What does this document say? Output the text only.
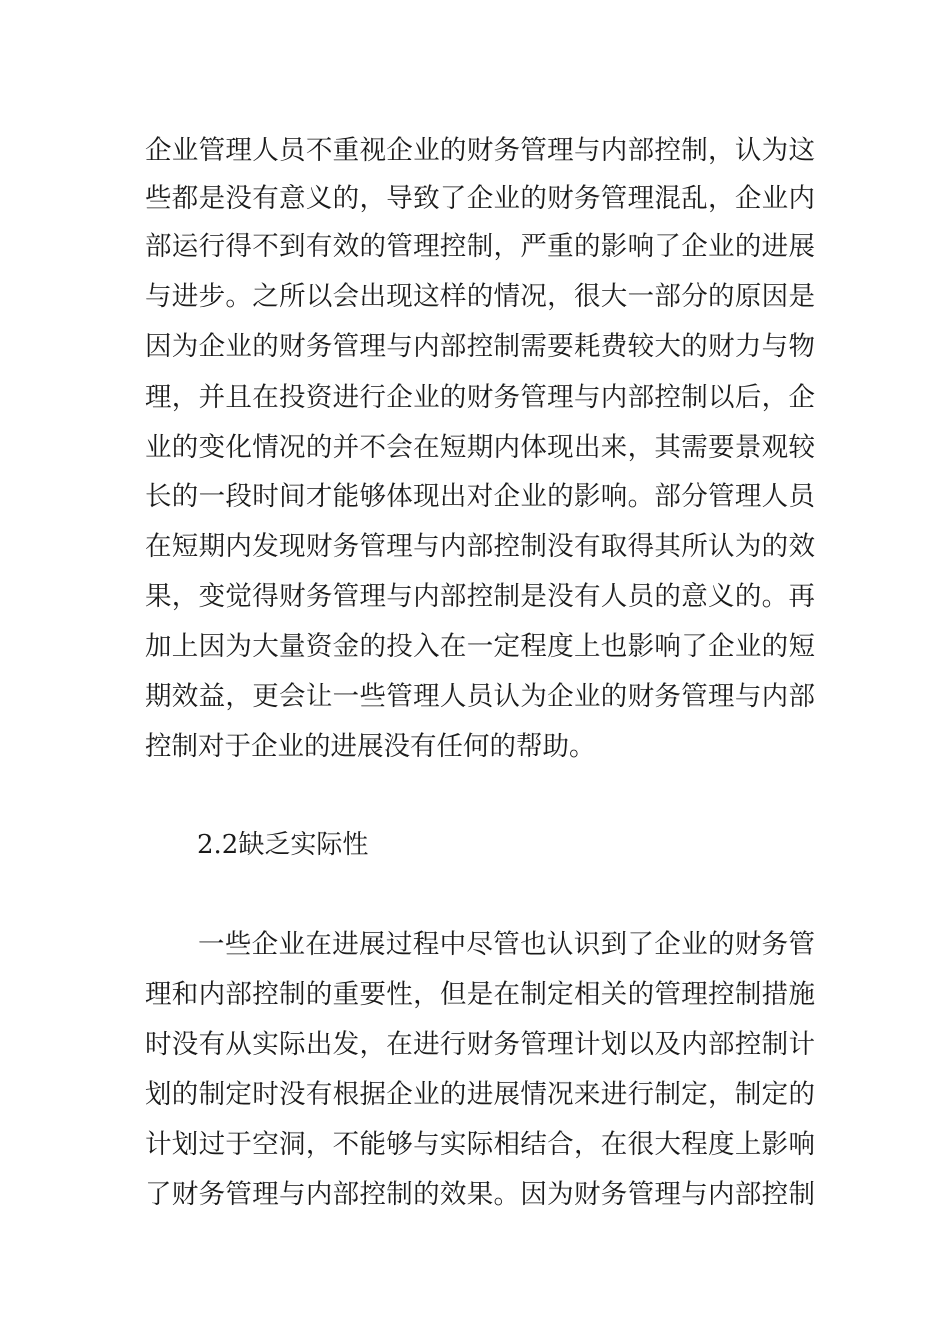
企业管理人员不重视企业的财务管理与内部控制，认为这
些都是没有意义的，导致了企业的财务管理混乱，企业内
部运行得不到有效的管理控制，严重的影响了企业的进展
与进步。之所以会出现这样的情况，很大一部分的原因是
因为企业的财务管理与内部控制需要耗费较大的财力与物
理，并且在投资进行企业的财务管理与内部控制以后，企
业的变化情况的并不会在短期内体现出来，其需要景观较
长的一段时间才能够体现出对企业的影响。部分管理人员
在短期内发现财务管理与内部控制没有取得其所认为的效
果，变觉得财务管理与内部控制是没有人员的意义的。再
加上因为大量资金的投入在一定程度上也影响了企业的短
期效益，更会让一些管理人员认为企业的财务管理与内部
控制对于企业的进展没有任何的帮助。
2.2缺乏实际性
一些企业在进展过程中尽管也认识到了企业的财务管
理和内部控制的重要性，但是在制定相关的管理控制措施
时没有从实际出发，在进行财务管理计划以及内部控制计
划的制定时没有根据企业的进展情况来进行制定，制定的
计划过于空洞，不能够与实际相结合，在很大程度上影响
了财务管理与内部控制的效果。因为财务管理与内部控制
